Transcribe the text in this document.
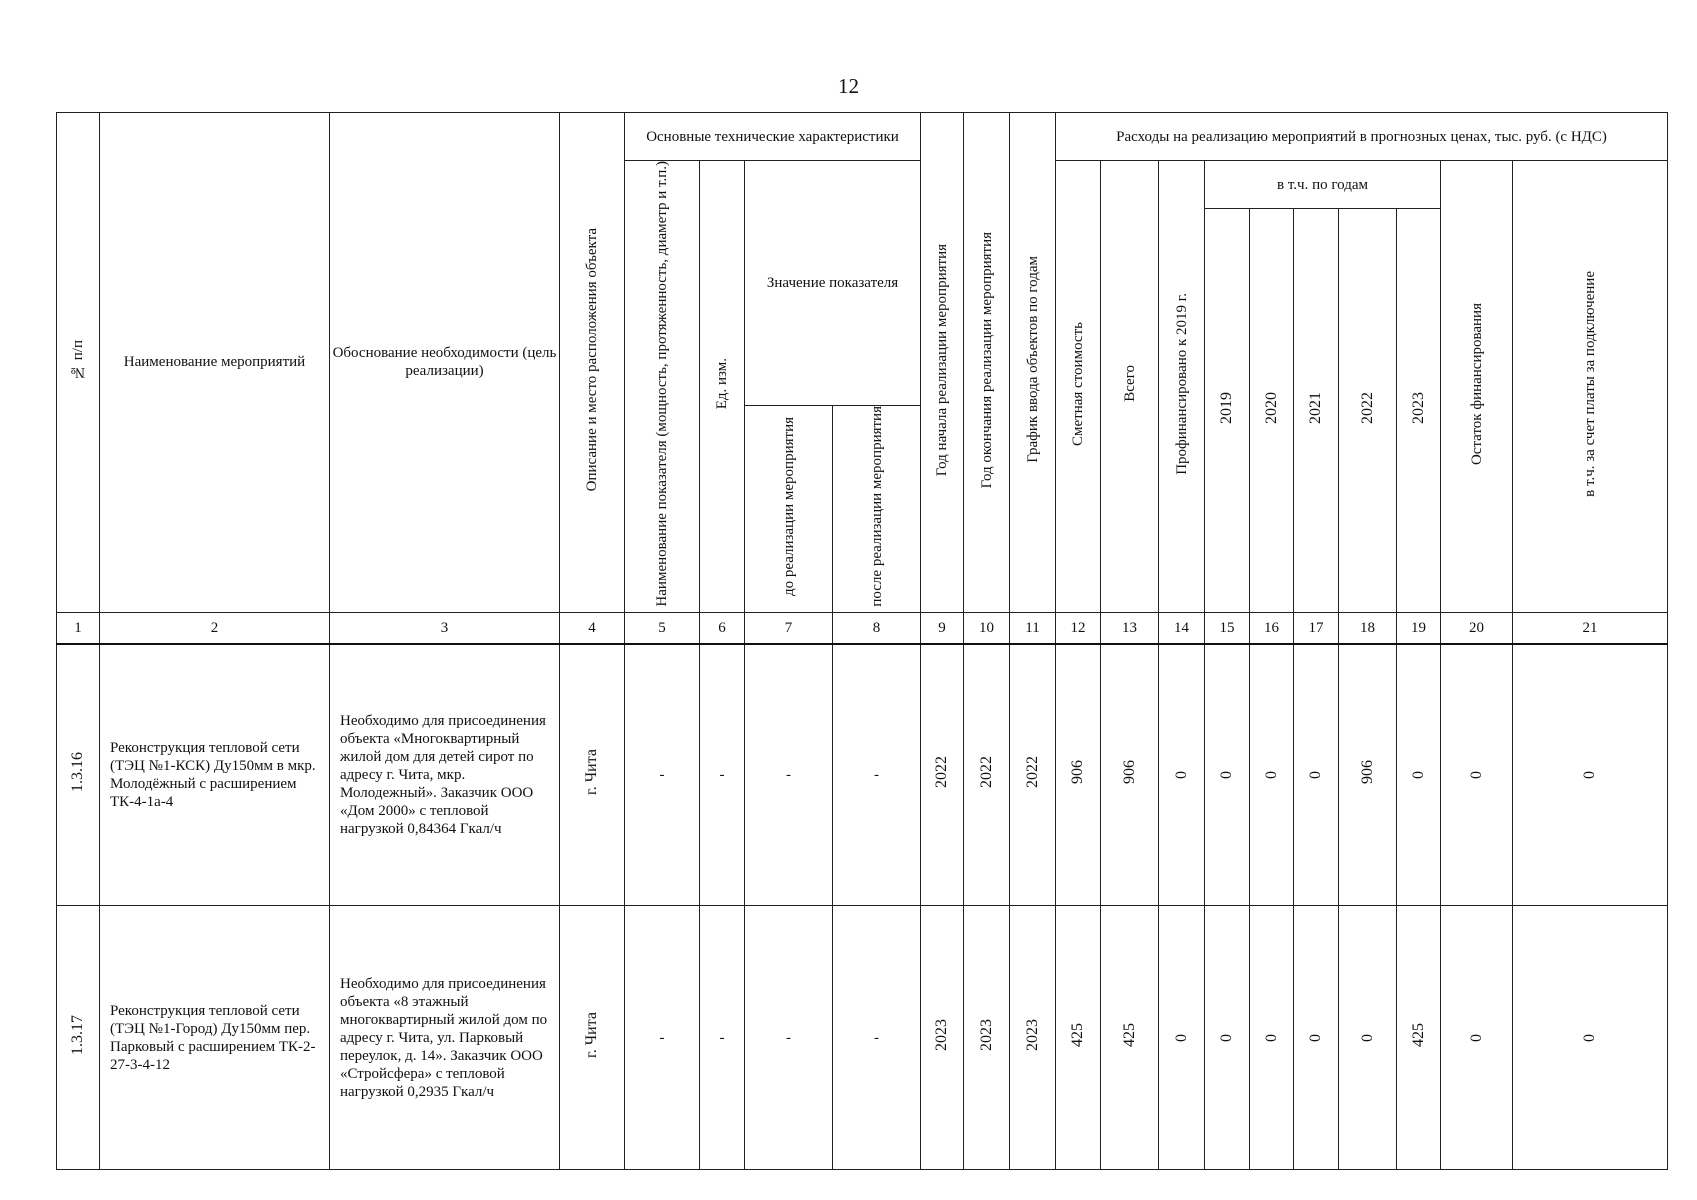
12
№ п/п	Наименование мероприятий	Обоснование необходимости (цель реализации)	Описание и место расположения объекта	Основные технические характеристики				Год начала реализации мероприятия	Год окончания реализации мероприятия	График ввода объектов по годам	Расходы на реализацию мероприятий в прогнозных ценах, тыс. руб. (с НДС)									
				Наименование показателя (мощность, протяженность, диаметр и т.п.)	Ед. изм.	Значение показателя					Сметная стоимость	Всего	Профинансировано к 2019 г.	в т.ч. по годам					Остаток финансирования	в т.ч. за счет платы за подключение
														2019	2020	2021	2022	2023		
						до реализации мероприятия	после реализации мероприятия													
1	2	3	4	5	6	7	8	9	10	11	12	13	14	15	16	17	18	19	20	21
1.3.16	Реконструкция тепловой сети (ТЭЦ №1-КСК) Ду150мм в мкр. Молодёжный с расширением ТК-4-1а-4	Необходимо для присоединения объекта «Многоквартирный жилой дом для детей сирот по адресу г. Чита, мкр. Молодежный». Заказчик ООО «Дом 2000» с тепловой нагрузкой 0,84364 Гкал/ч	г. Чита	-	-	-	-	2022	2022	2022	906	906	0	0	0	0	906	0	0	0
1.3.17	Реконструкция тепловой сети (ТЭЦ №1-Город) Ду150мм пер. Парковый с расширением ТК-2-27-3-4-12	Необходимо для присоединения объекта «8 этажный многоквартирный жилой дом по адресу г. Чита, ул. Парковый переулок, д. 14». Заказчик ООО «Стройсфера» с тепловой нагрузкой 0,2935 Гкал/ч	г. Чита	-	-	-	-	2023	2023	2023	425	425	0	0	0	0	0	425	0	0
